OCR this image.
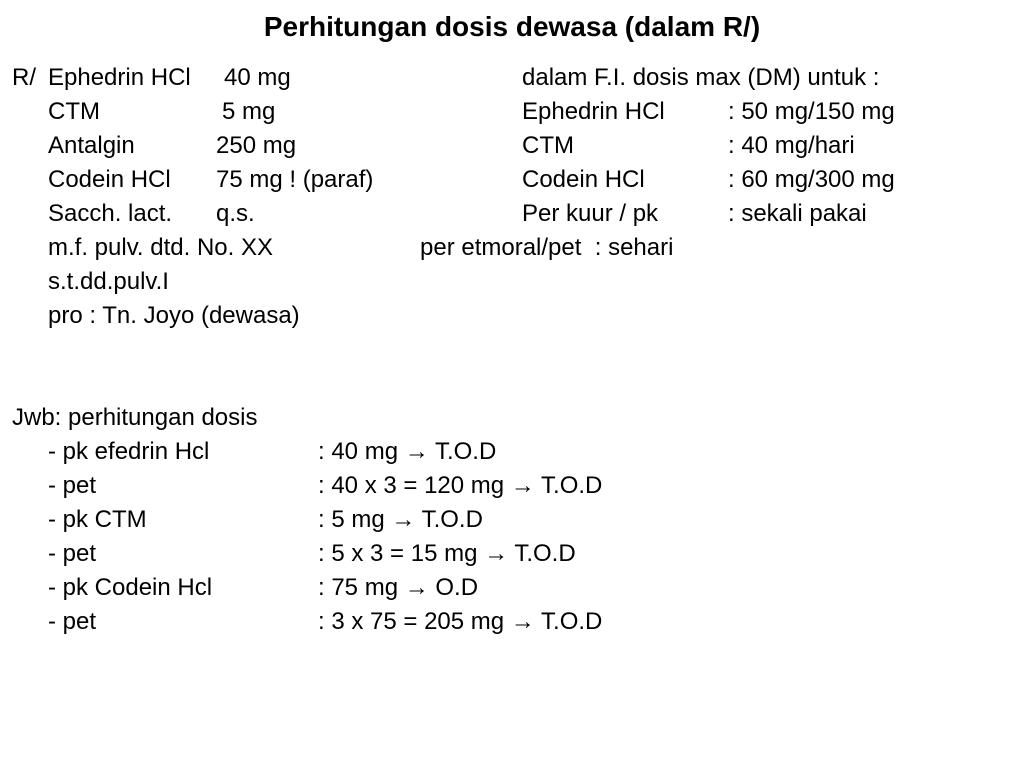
Perhitungan dosis dewasa (dalam R/)
R/ Ephedrin HCl 40 mg
CTM	5 mg
Antalgin	250 mg
Codein HCl 75 mg ! (paraf)
Sacch. lact. q.s.
m.f. pulv. dtd. No. XX
s.t.dd.pulv.I
pro : Tn. Joyo (dewasa)
dalam F.I. dosis max (DM) untuk :
Ephedrin HCl	: 50 mg/150 mg
CTM	: 40 mg/hari
Codein HCl	: 60 mg/300 mg
Per kuur / pk	: sekali pakai
per etmoral/pet  : sehari
Jwb: perhitungan dosis
- pk efedrin Hcl	: 40 mg → T.O.D
- pet	: 40 x 3 = 120 mg → T.O.D
- pk CTM	: 5 mg → T.O.D
- pet	: 5 x 3 = 15 mg → T.O.D
- pk Codein Hcl	: 75 mg → O.D
- pet	: 3 x 75 = 205 mg → T.O.D
